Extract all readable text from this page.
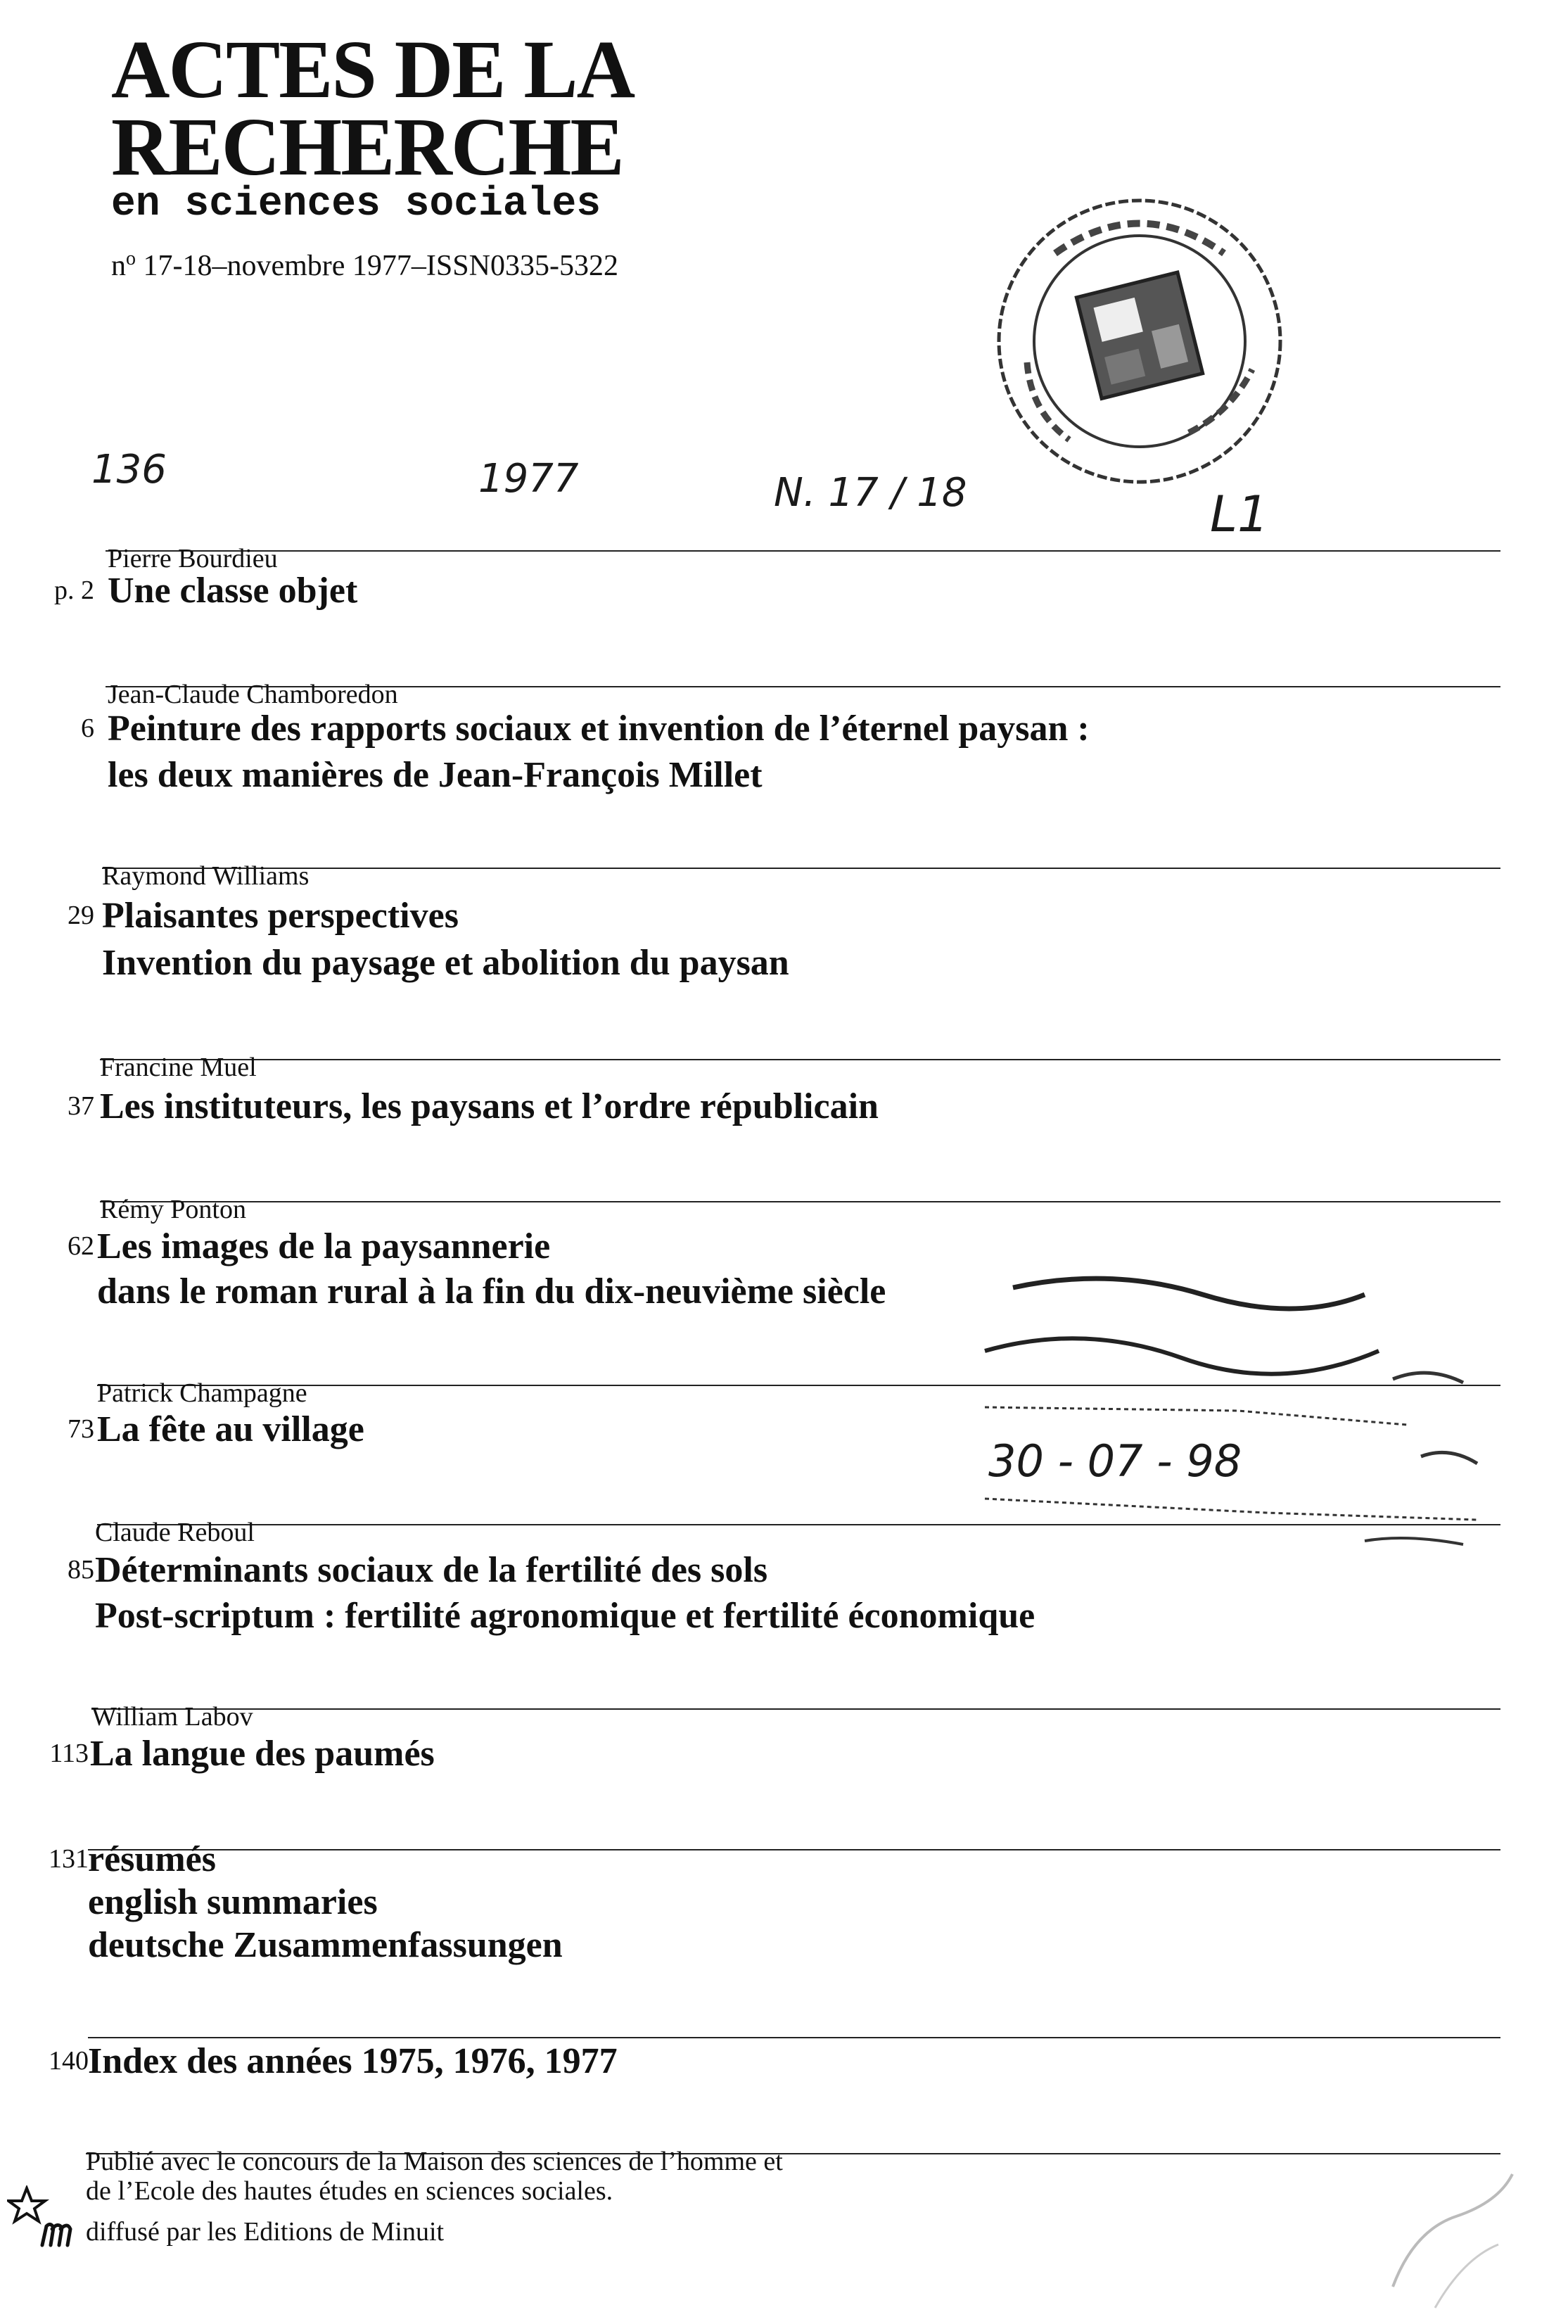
ACTES DE LA
RECHERCHE
en sciences sociales
$n^o$ 17-18–novembre 1977–ISSN0335-5322
136	1977	N. 17 / 18	L1
Pierre Bourdieu
p. 2 Une classe objet
Jean-Claude Chamboredon
6 Peinture des rapports sociaux et invention de l’éternel paysan :
les deux manières de Jean-François Millet
Raymond Williams
29 Plaisantes perspectives
Invention du paysage et abolition du paysan
Francine Muel
37 Les instituteurs, les paysans et l’ordre républicain
Rémy Ponton
62 Les images de la paysannerie
dans le roman rural à la fin du dix-neuvième siècle
30 - 07 - 98
Patrick Champagne
73 La fête au village
Claude Reboul
85 Déterminants sociaux de la fertilité des sols
Post-scriptum : fertilité agronomique et fertilité économique
William Labov
113 La langue des paumés
131 résumés
english summaries
deutsche Zusammenfassungen
140 Index des années 1975, 1976, 1977
Publié avec le concours de la Maison des sciences de l’homme et
de l’Ecole des hautes études en sciences sociales.
diffusé par les Editions de Minuit
